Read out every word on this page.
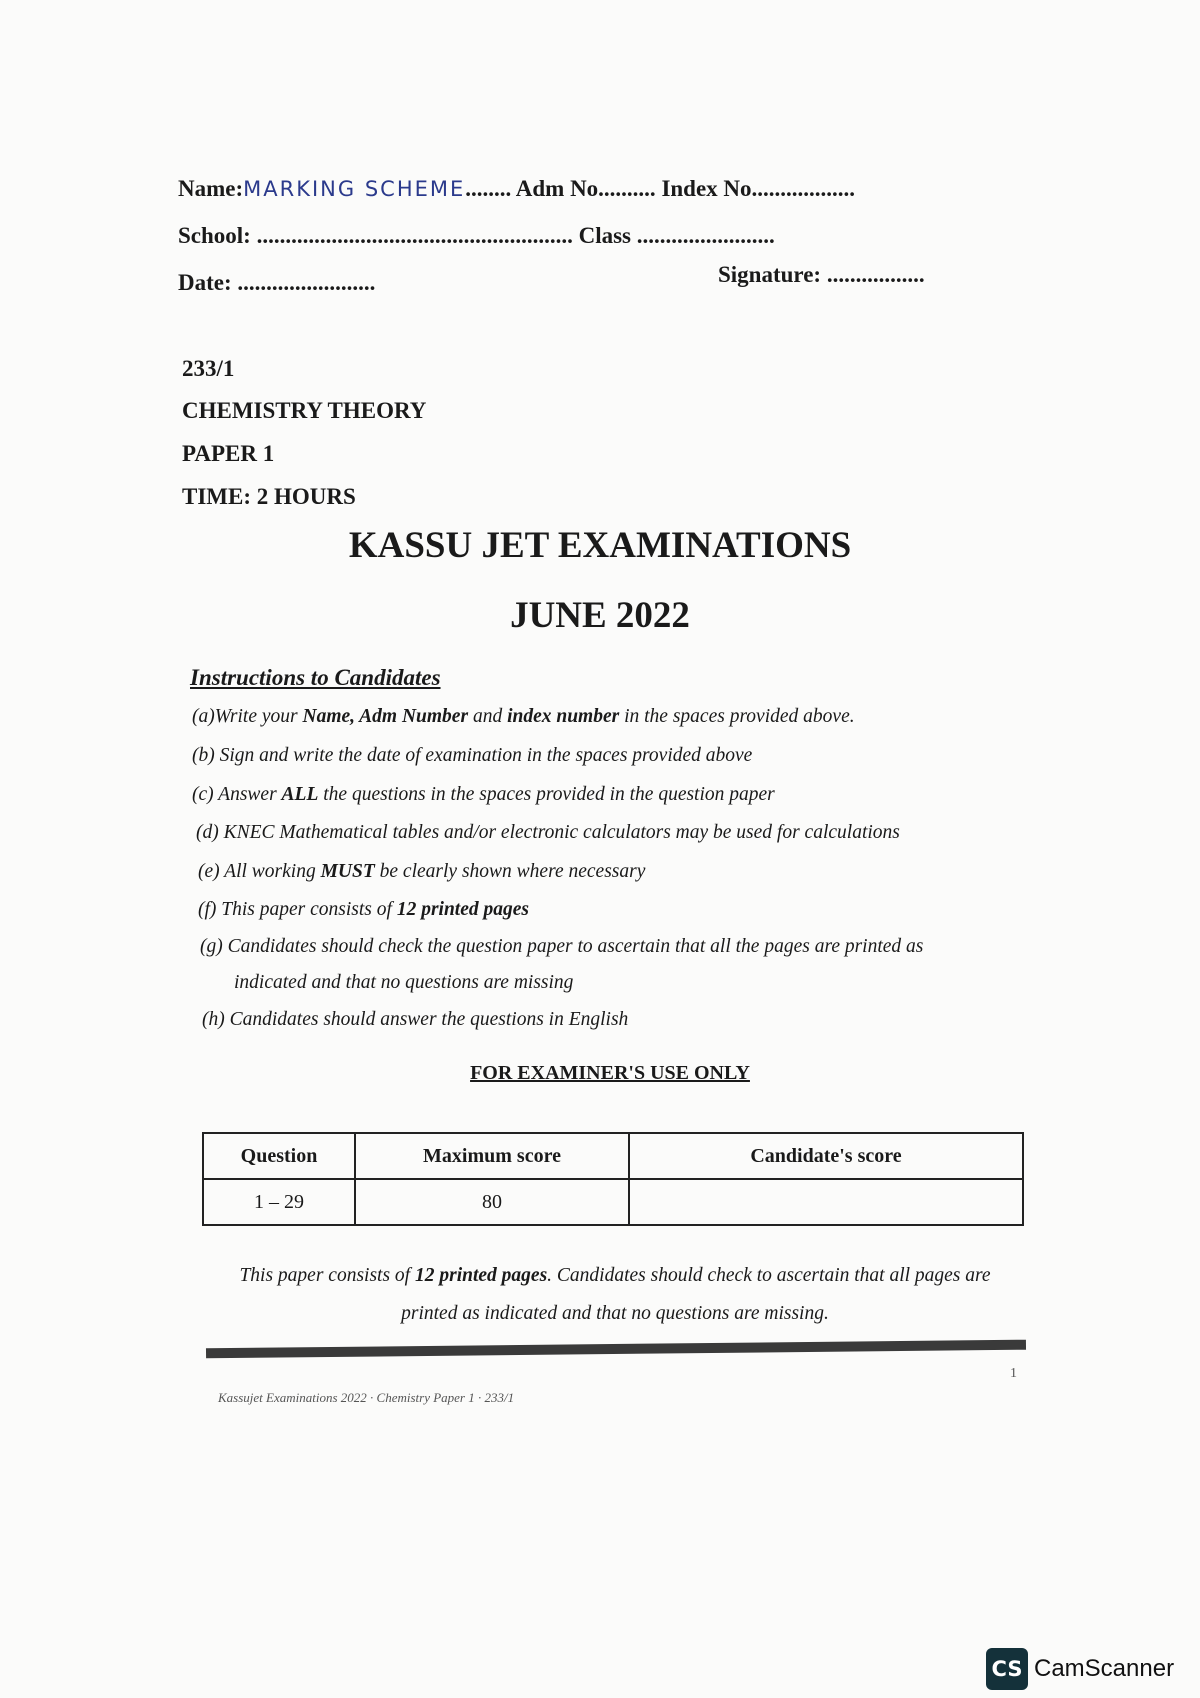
Name:MARKING SCHEME........ Adm No.......... Index No..................
School: ....................................................... Class ........................
Date: ........................	Signature: .................
233/1
CHEMISTRY THEORY
PAPER 1
TIME: 2 HOURS
KASSU JET EXAMINATIONS
JUNE 2022
Instructions to Candidates
(a)Write your Name, Adm Number and index number in the spaces provided above.
(b) Sign and write the date of examination in the spaces provided above
(c) Answer ALL the questions in the spaces provided in the question paper
(d) KNEC Mathematical tables and/or electronic calculators may be used for calculations
(e) All working MUST be clearly shown where necessary
(f) This paper consists of 12 printed pages
(g) Candidates should check the question paper to ascertain that all the pages are printed as
indicated and that no questions are missing
(h) Candidates should answer the questions in English
FOR EXAMINER'S USE ONLY
Question	Maximum score	Candidate's score
1 – 29	80	
This paper consists of 12 printed pages. Candidates should check to ascertain that all pages are
printed as indicated and that no questions are missing.
Kassujet Examinations 2022 · Chemistry Paper 1 · 233/1
1
CS CamScanner
